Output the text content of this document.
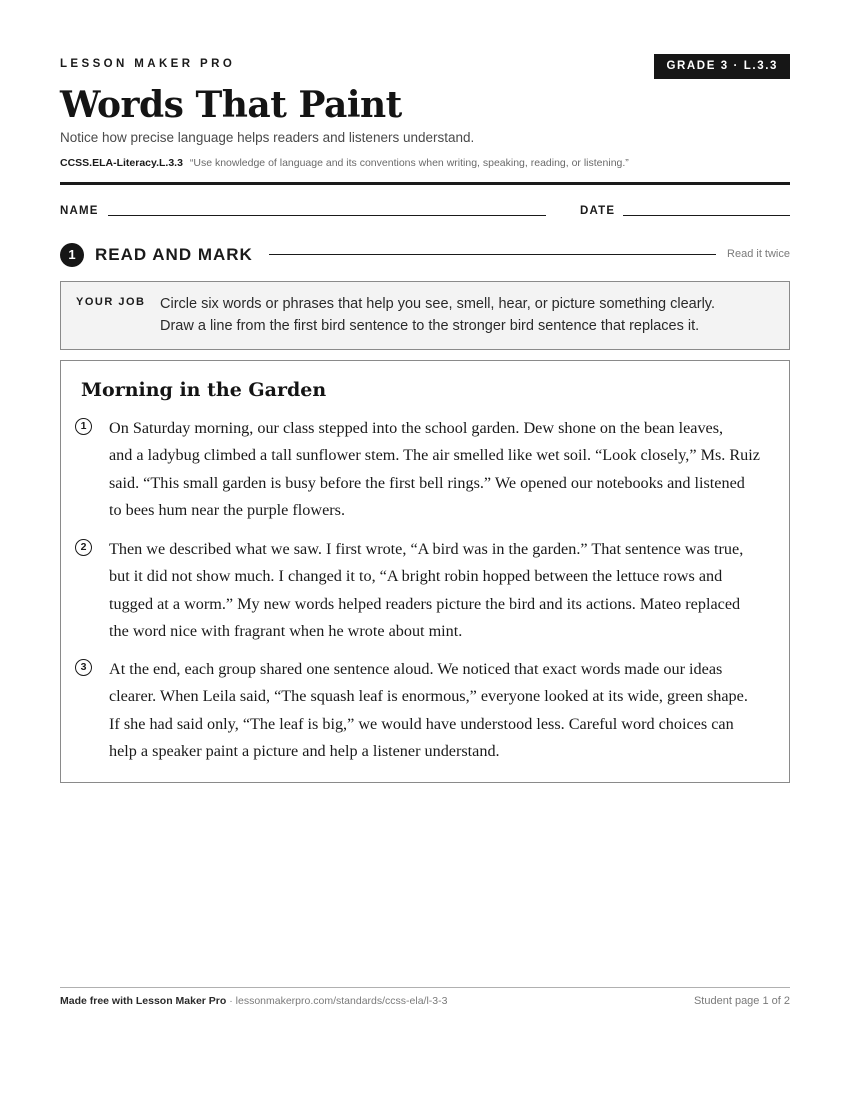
LESSON MAKER PRO	GRADE 3 · L.3.3
Words That Paint
Notice how precise language helps readers and listeners understand.
CCSS.ELA-Literacy.L.3.3 “Use knowledge of language and its conventions when writing, speaking, reading, or listening.”
NAME	DATE
1	READ AND MARK	Read it twice
YOUR JOB Circle six words or phrases that help you see, smell, hear, or picture something clearly.
Draw a line from the first bird sentence to the stronger bird sentence that replaces it.
Morning in the Garden
1	On Saturday morning, our class stepped into the school garden. Dew shone on the bean leaves,
and a ladybug climbed a tall sunflower stem. The air smelled like wet soil. “Look closely,” Ms. Ruiz
said. “This small garden is busy before the first bell rings.” We opened our notebooks and listened
to bees hum near the purple flowers.
2	Then we described what we saw. I first wrote, “A bird was in the garden.” That sentence was true,
but it did not show much. I changed it to, “A bright robin hopped between the lettuce rows and
tugged at a worm.” My new words helped readers picture the bird and its actions. Mateo replaced
the word nice with fragrant when he wrote about mint.
3	At the end, each group shared one sentence aloud. We noticed that exact words made our ideas
clearer. When Leila said, “The squash leaf is enormous,” everyone looked at its wide, green shape.
If she had said only, “The leaf is big,” we would have understood less. Careful word choices can
help a speaker paint a picture and help a listener understand.
Made free with Lesson Maker Pro · lessonmakerpro.com/standards/ccss-ela/l-3-3	Student page 1 of 2
